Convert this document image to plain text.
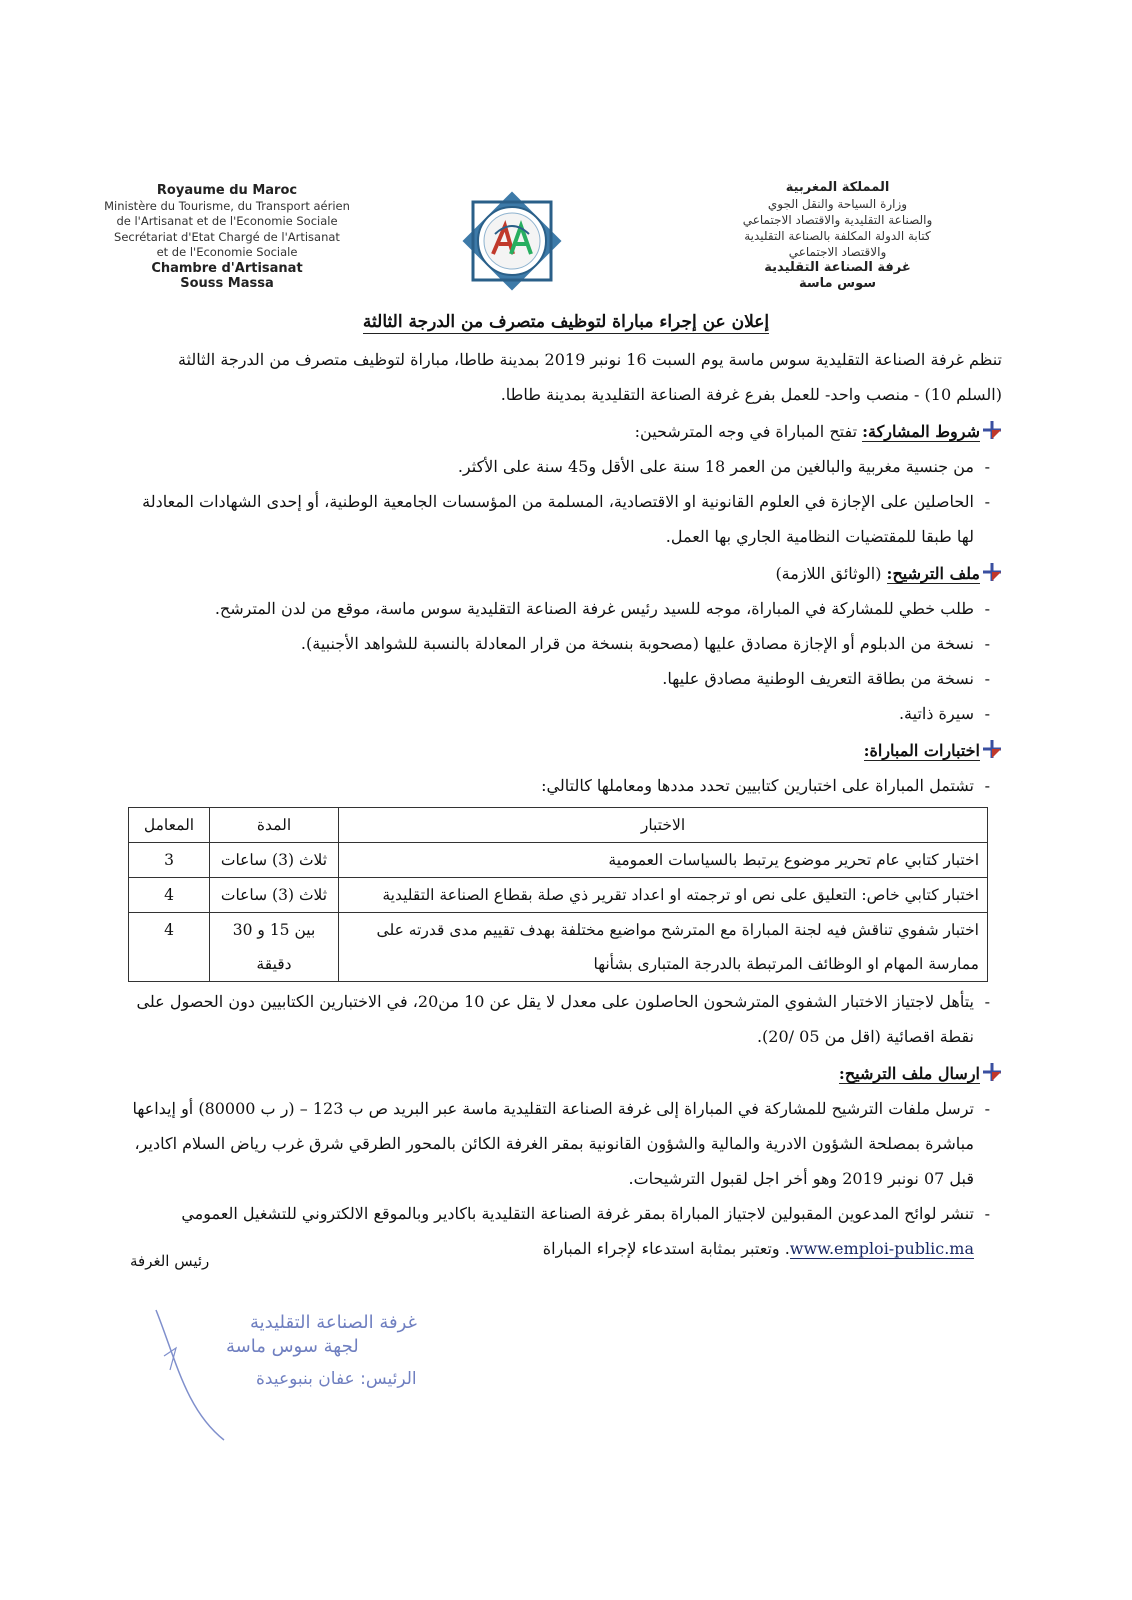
Royaume du Maroc
Ministère du Tourisme, du Transport aérien
de l'Artisanat et de l'Economie Sociale
Secrétariat d'Etat Chargé de l'Artisanat
et de l'Economie Sociale
Chambre d'Artisanat
Souss Massa
المملكة المغربية
وزارة السياحة والنقل الجوي
والصناعة التقليدية والاقتصاد الاجتماعي
كتابة الدولة المكلفة بالصناعة التقليدية
والاقتصاد الاجتماعي
غرفة الصناعة التقليدية
سوس ماسة

إعلان عن إجراء مباراة لتوظيف متصرف من الدرجة الثالثة

تنظم غرفة الصناعة التقليدية سوس ماسة يوم السبت 16 نونبر 2019 بمدينة طاطا، مباراة لتوظيف متصرف من الدرجة الثالثة (السلم 10) - منصب واحد- للعمل بفرع غرفة الصناعة التقليدية بمدينة طاطا.

شروط المشاركة: تفتح المباراة في وجه المترشحين:

- من جنسية مغربية والبالغين من العمر 18 سنة على الأقل و45 سنة على الأكثر.

- الحاصلين على الإجازة في العلوم القانونية او الاقتصادية، المسلمة من المؤسسات الجامعية الوطنية، أو إحدى الشهادات المعادلة لها طبقا للمقتضيات النظامية الجاري بها العمل.

ملف الترشيح: (الوثائق اللازمة)

- طلب خطي للمشاركة في المباراة، موجه للسيد رئيس غرفة الصناعة التقليدية سوس ماسة، موقع من لدن المترشح.

- نسخة من الدبلوم أو الإجازة مصادق عليها (مصحوبة بنسخة من قرار المعادلة بالنسبة للشواهد الأجنبية).

- نسخة من بطاقة التعريف الوطنية مصادق عليها.

- سيرة ذاتية.

اختبارات المباراة:

- تشتمل المباراة على اختبارين كتابيين تحدد مددها ومعاملها كالتالي:

الاختبار	المدة	المعامل
اختبار كتابي عام تحرير موضوع يرتبط بالسياسات العمومية	ثلاث (3) ساعات	3
اختبار كتابي خاص: التعليق على نص او ترجمته او اعداد تقرير ذي صلة بقطاع الصناعة التقليدية	ثلاث (3) ساعات	4
اختبار شفوي تناقش فيه لجنة المباراة مع المترشح مواضيع مختلفة بهدف تقييم مدى قدرته على ممارسة المهام او الوظائف المرتبطة بالدرجة المتبارى بشأنها	بين 15 و 30 دقيقة	4

- يتأهل لاجتياز الاختبار الشفوي المترشحون الحاصلون على معدل لا يقل عن 10 من20، في الاختبارين الكتابيين دون الحصول على نقطة اقصائية (اقل من 05 /20).

ارسال ملف الترشيح:

- ترسل ملفات الترشيح للمشاركة في المباراة إلى غرفة الصناعة التقليدية ماسة عبر البريد ص ب 123 – (ر ب 80000) أو إيداعها مباشرة بمصلحة الشؤون الادرية والمالية والشؤون القانونية بمقر الغرفة الكائن بالمحور الطرقي شرق غرب رياض السلام اكادير، قبل 07 نونبر 2019 وهو أخر اجل لقبول الترشيحات.

- تنشر لوائح المدعوين المقبولين لاجتياز المباراة بمقر غرفة الصناعة التقليدية باكادير وبالموقع الالكتروني للتشغيل العمومي www.emploi-public.ma. وتعتبر بمثابة استدعاء لإجراء المباراة

رئيس الغرفة
غرفة الصناعة التقليدية
لجهة سوس ماسة
الرئيس: عفان بنبوعيدة
